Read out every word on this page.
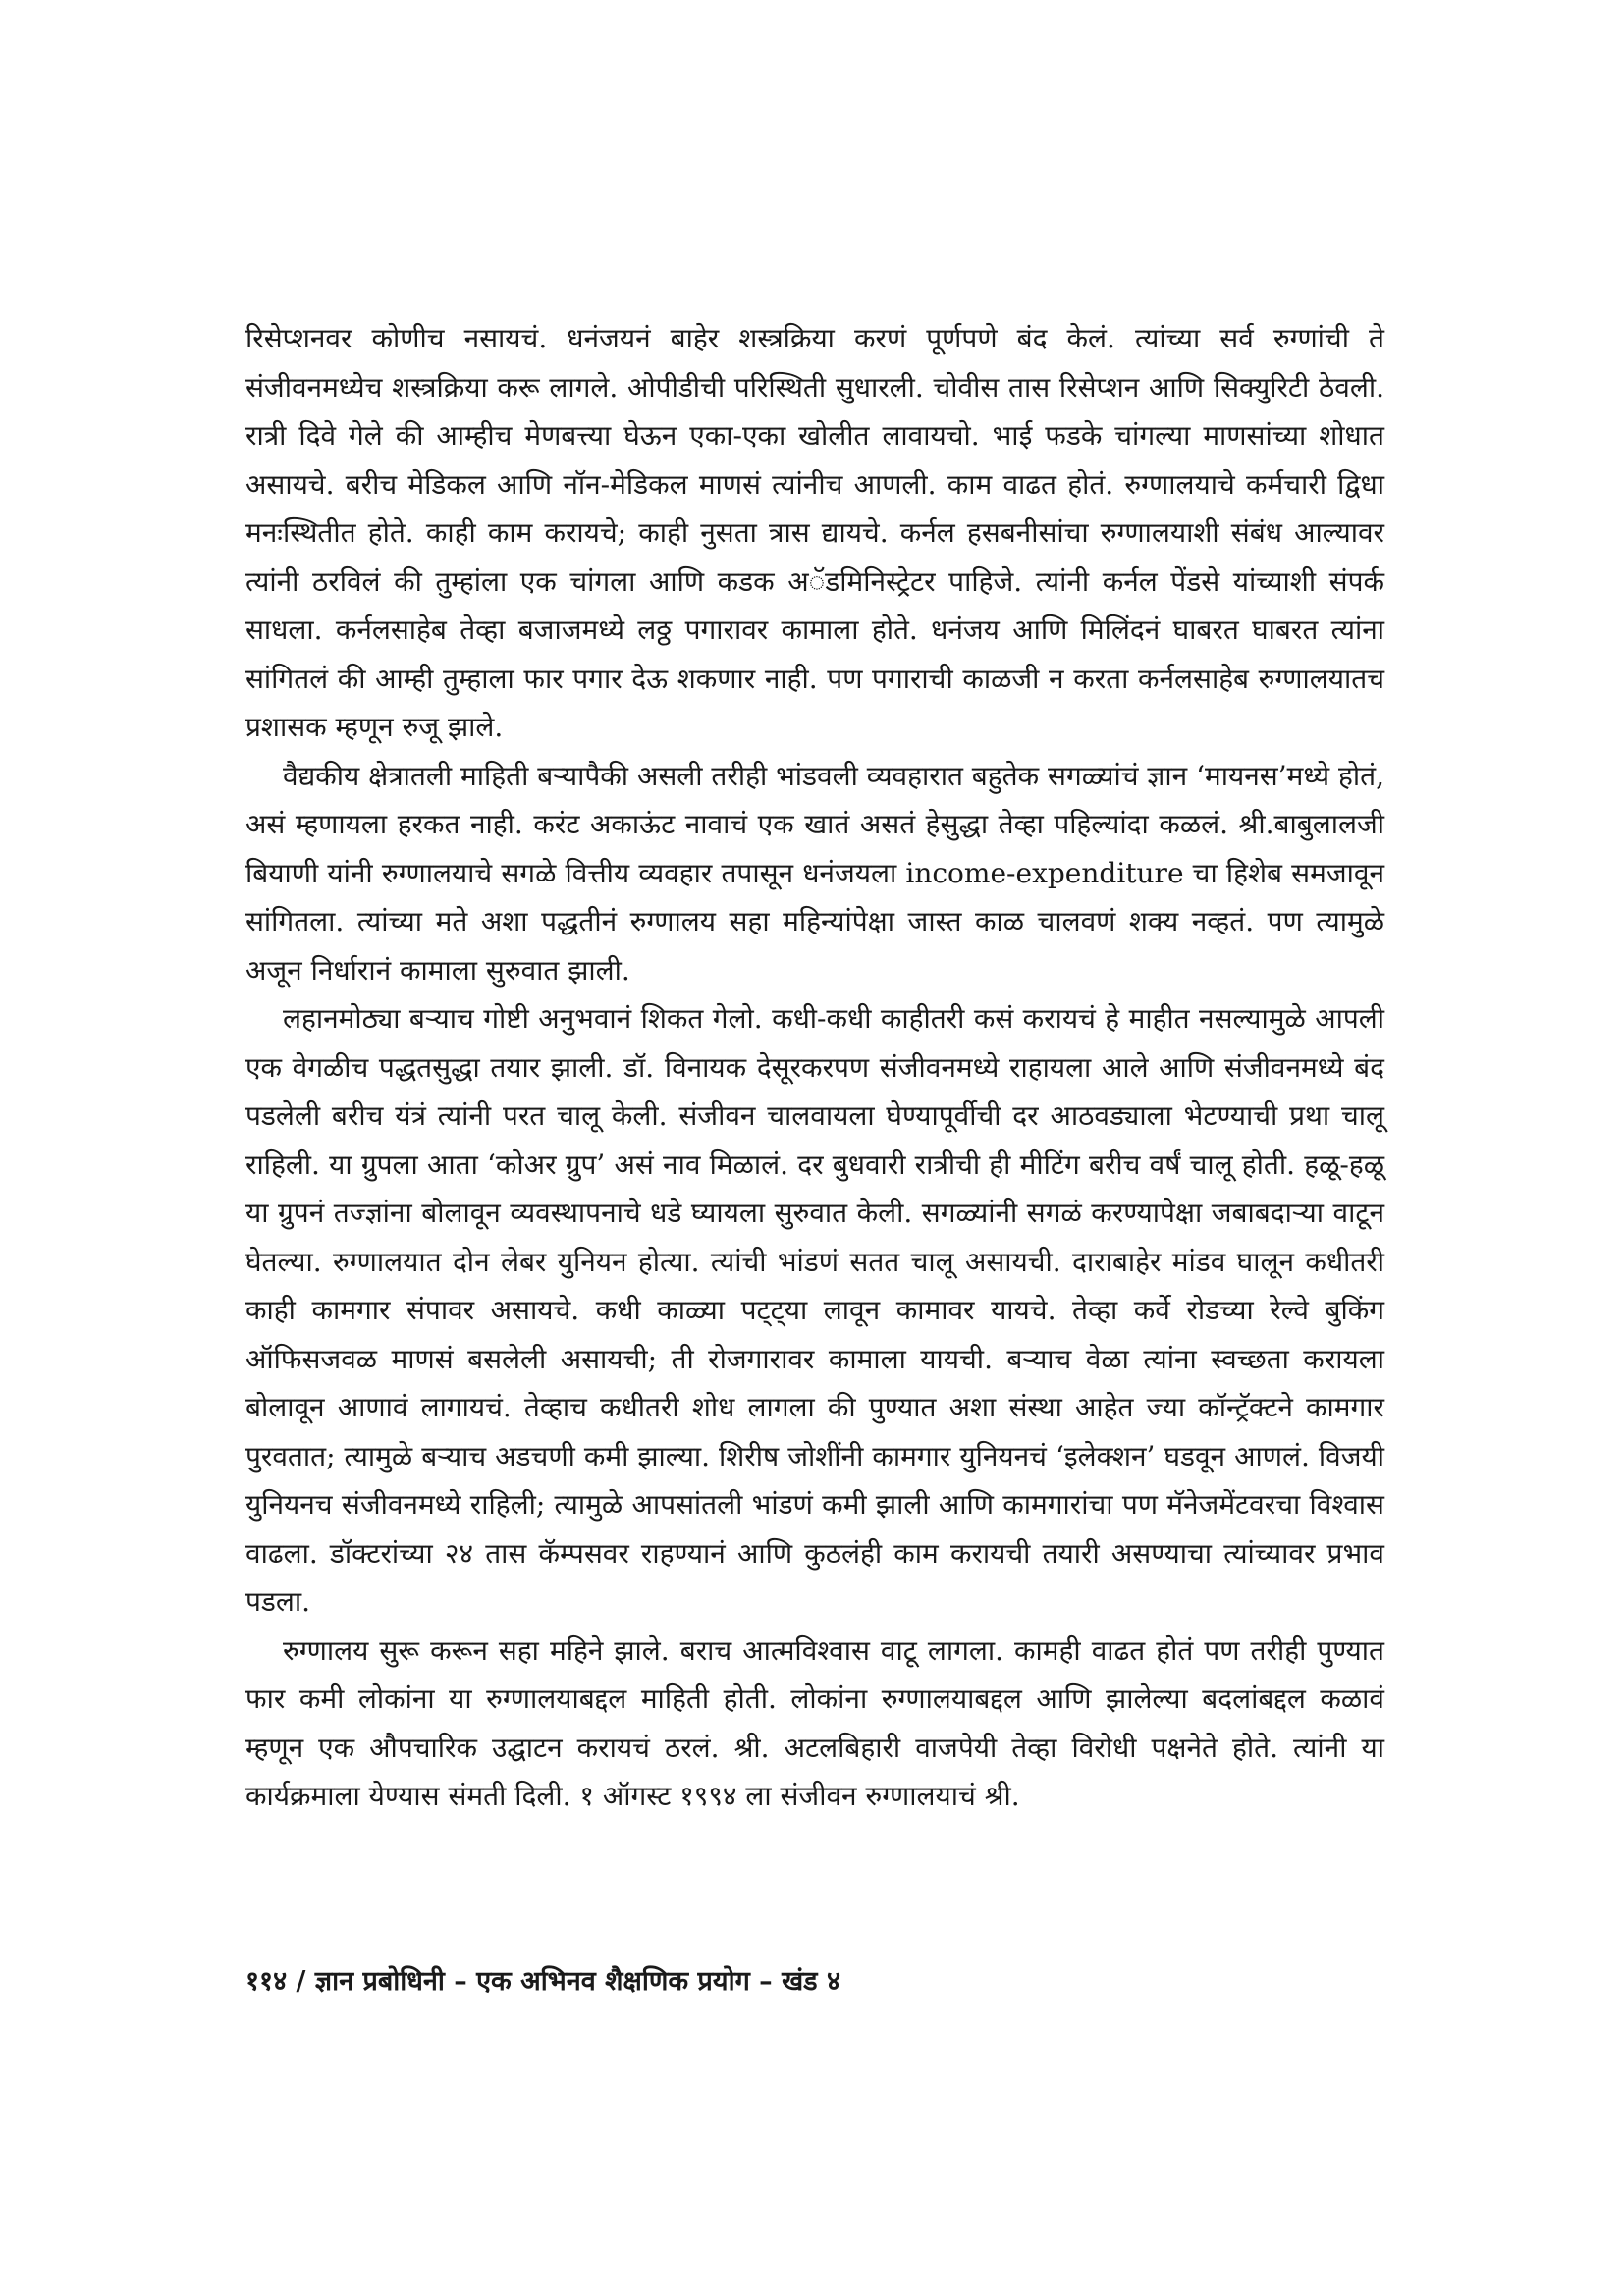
रिसेप्शनवर कोणीच नसायचं. धनंजयनं बाहेर शस्त्रक्रिया करणं पूर्णपणे बंद केलं. त्यांच्या सर्व रुग्णांची ते संजीवनमध्येच शस्त्रक्रिया करू लागले. ओपीडीची परिस्थिती सुधारली. चोवीस तास रिसेप्शन आणि सिक्युरिटी ठेवली. रात्री दिवे गेले की आम्हीच मेणबत्त्या घेऊन एका-एका खोलीत लावायचो. भाई फडके चांगल्या माणसांच्या शोधात असायचे. बरीच मेडिकल आणि नॉन-मेडिकल माणसं त्यांनीच आणली. काम वाढत होतं. रुग्णालयाचे कर्मचारी द्विधा मनःस्थितीत होते. काही काम करायचे; काही नुसता त्रास द्यायचे. कर्नल हसबनीसांचा रुग्णालयाशी संबंध आल्यावर त्यांनी ठरविलं की तुम्हांला एक चांगला आणि कडक अॅडमिनिस्ट्रेटर पाहिजे. त्यांनी कर्नल पेंडसे यांच्याशी संपर्क साधला. कर्नलसाहेब तेव्हा बजाजमध्ये लठ्ठ पगारावर कामाला होते. धनंजय आणि मिलिंदनं घाबरत घाबरत त्यांना सांगितलं की आम्ही तुम्हाला फार पगार देऊ शकणार नाही. पण पगाराची काळजी न करता कर्नलसाहेब रुग्णालयातच प्रशासक म्हणून रुजू झाले.

वैद्यकीय क्षेत्रातली माहिती बऱ्यापैकी असली तरीही भांडवली व्यवहारात बहुतेक सगळ्यांचं ज्ञान ‘मायनस’मध्ये होतं, असं म्हणायला हरकत नाही. करंट अकाऊंट नावाचं एक खातं असतं हेसुद्धा तेव्हा पहिल्यांदा कळलं. श्री.बाबुलालजी बियाणी यांनी रुग्णालयाचे सगळे वित्तीय व्यवहार तपासून धनंजयला income-expenditure चा हिशेब समजावून सांगितला. त्यांच्या मते अशा पद्धतीनं रुग्णालय सहा महिन्यांपेक्षा जास्त काळ चालवणं शक्य नव्हतं. पण त्यामुळे अजून निर्धारानं कामाला सुरुवात झाली.

लहानमोठ्या बऱ्याच गोष्टी अनुभवानं शिकत गेलो. कधी-कधी काहीतरी कसं करायचं हे माहीत नसल्यामुळे आपली एक वेगळीच पद्धतसुद्धा तयार झाली. डॉ. विनायक देसूरकरपण संजीवनमध्ये राहायला आले आणि संजीवनमध्ये बंद पडलेली बरीच यंत्रं त्यांनी परत चालू केली. संजीवन चालवायला घेण्यापूर्वीची दर आठवड्याला भेटण्याची प्रथा चालू राहिली. या ग्रुपला आता ‘कोअर ग्रुप’ असं नाव मिळालं. दर बुधवारी रात्रीची ही मीटिंग बरीच वर्षं चालू होती. हळू-हळू या ग्रुपनं तज्ज्ञांना बोलावून व्यवस्थापनाचे धडे घ्यायला सुरुवात केली. सगळ्यांनी सगळं करण्यापेक्षा जबाबदाऱ्या वाटून घेतल्या. रुग्णालयात दोन लेबर युनियन होत्या. त्यांची भांडणं सतत चालू असायची. दाराबाहेर मांडव घालून कधीतरी काही कामगार संपावर असायचे. कधी काळ्या पट्ट्या लावून कामावर यायचे. तेव्हा कर्वे रोडच्या रेल्वे बुकिंग ऑफिसजवळ माणसं बसलेली असायची; ती रोजगारावर कामाला यायची. बऱ्याच वेळा त्यांना स्वच्छता करायला बोलावून आणावं लागायचं. तेव्हाच कधीतरी शोध लागला की पुण्यात अशा संस्था आहेत ज्या कॉन्ट्रॅक्टने कामगार पुरवतात; त्यामुळे बऱ्याच अडचणी कमी झाल्या. शिरीष जोशींनी कामगार युनियनचं ‘इलेक्शन’ घडवून आणलं. विजयी युनियनच संजीवनमध्ये राहिली; त्यामुळे आपसांतली भांडणं कमी झाली आणि कामगारांचा पण मॅनेजमेंटवरचा विश्वास वाढला. डॉक्टरांच्या २४ तास कॅम्पसवर राहण्यानं आणि कुठलंही काम करायची तयारी असण्याचा त्यांच्यावर प्रभाव पडला.

रुग्णालय सुरू करून सहा महिने झाले. बराच आत्मविश्वास वाटू लागला. कामही वाढत होतं पण तरीही पुण्यात फार कमी लोकांना या रुग्णालयाबद्दल माहिती होती. लोकांना रुग्णालयाबद्दल आणि झालेल्या बदलांबद्दल कळावं म्हणून एक औपचारिक उद्घाटन करायचं ठरलं. श्री. अटलबिहारी वाजपेयी तेव्हा विरोधी पक्षनेते होते. त्यांनी या कार्यक्रमाला येण्यास संमती दिली. १ ऑगस्ट १९९४ ला संजीवन रुग्णालयाचं श्री.

११४ / ज्ञान प्रबोधिनी – एक अभिनव शैक्षणिक प्रयोग – खंड ४
